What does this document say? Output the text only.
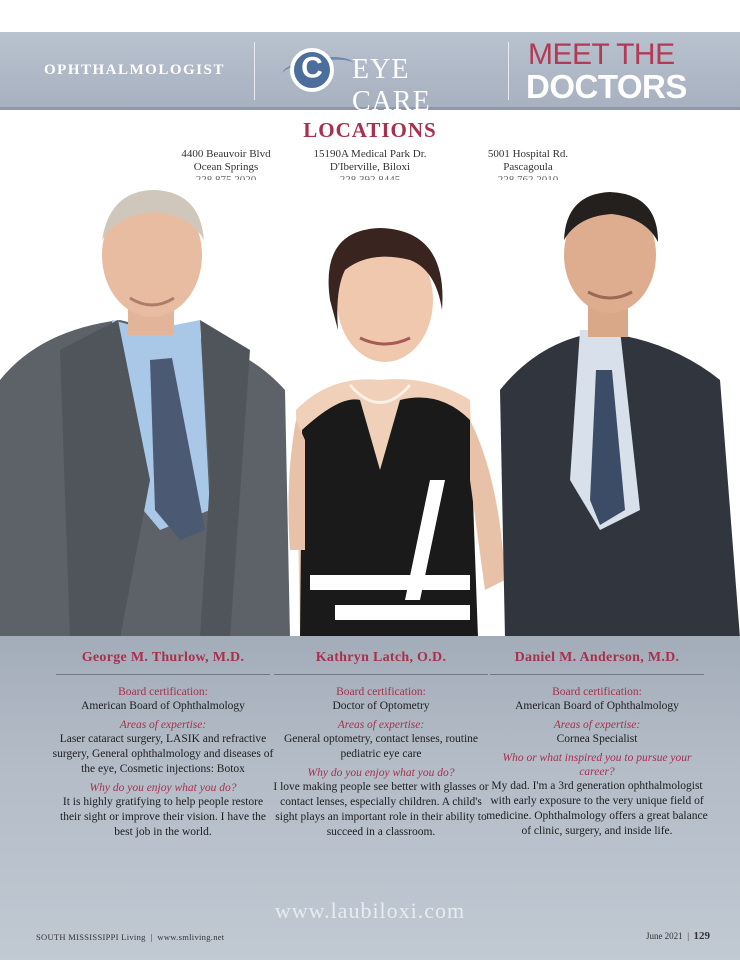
OPHTHALMOLOGIST	C EYE CARE
MEET THE
DOCTORS
LOCATIONS
4400 Beauvoir Blvd
Ocean Springs
15190A Medical Park Dr.
D'Iberville, Biloxi
5001 Hospital Rd.
Pascagoula
George M. Thurlow, M.D.
Board certification:
American Board of Ophthalmology
Areas of expertise:
Laser cataract surgery, LASIK and refractive surgery, General ophthalmology and diseases of the eye, Cosmetic injections: Botox
Why do you enjoy what you do?
It is highly gratifying to help people restore their sight or improve their vision. I have the best job in the world.
Kathryn Latch, O.D.
Board certification:
Doctor of Optometry
Areas of expertise:
General optometry, contact lenses, routine pediatric eye care
Why do you enjoy what you do?
I love making people see better with glasses or contact lenses, especially children. A child's sight plays an important role in their ability to succeed in a classroom.
Daniel M. Anderson, M.D.
Board certification:
American Board of Ophthalmology
Areas of expertise:
Cornea Specialist
Who or what inspired you to pursue your career?
My dad. I'm a 3rd generation ophthalmologist with early exposure to the very unique field of medicine. Ophthalmology offers a great balance of clinic, surgery, and inside life.
www.laubiloxi.com
SOUTH MISSISSIPPI Living  |  www.smliving.net	June 2021  |  129
